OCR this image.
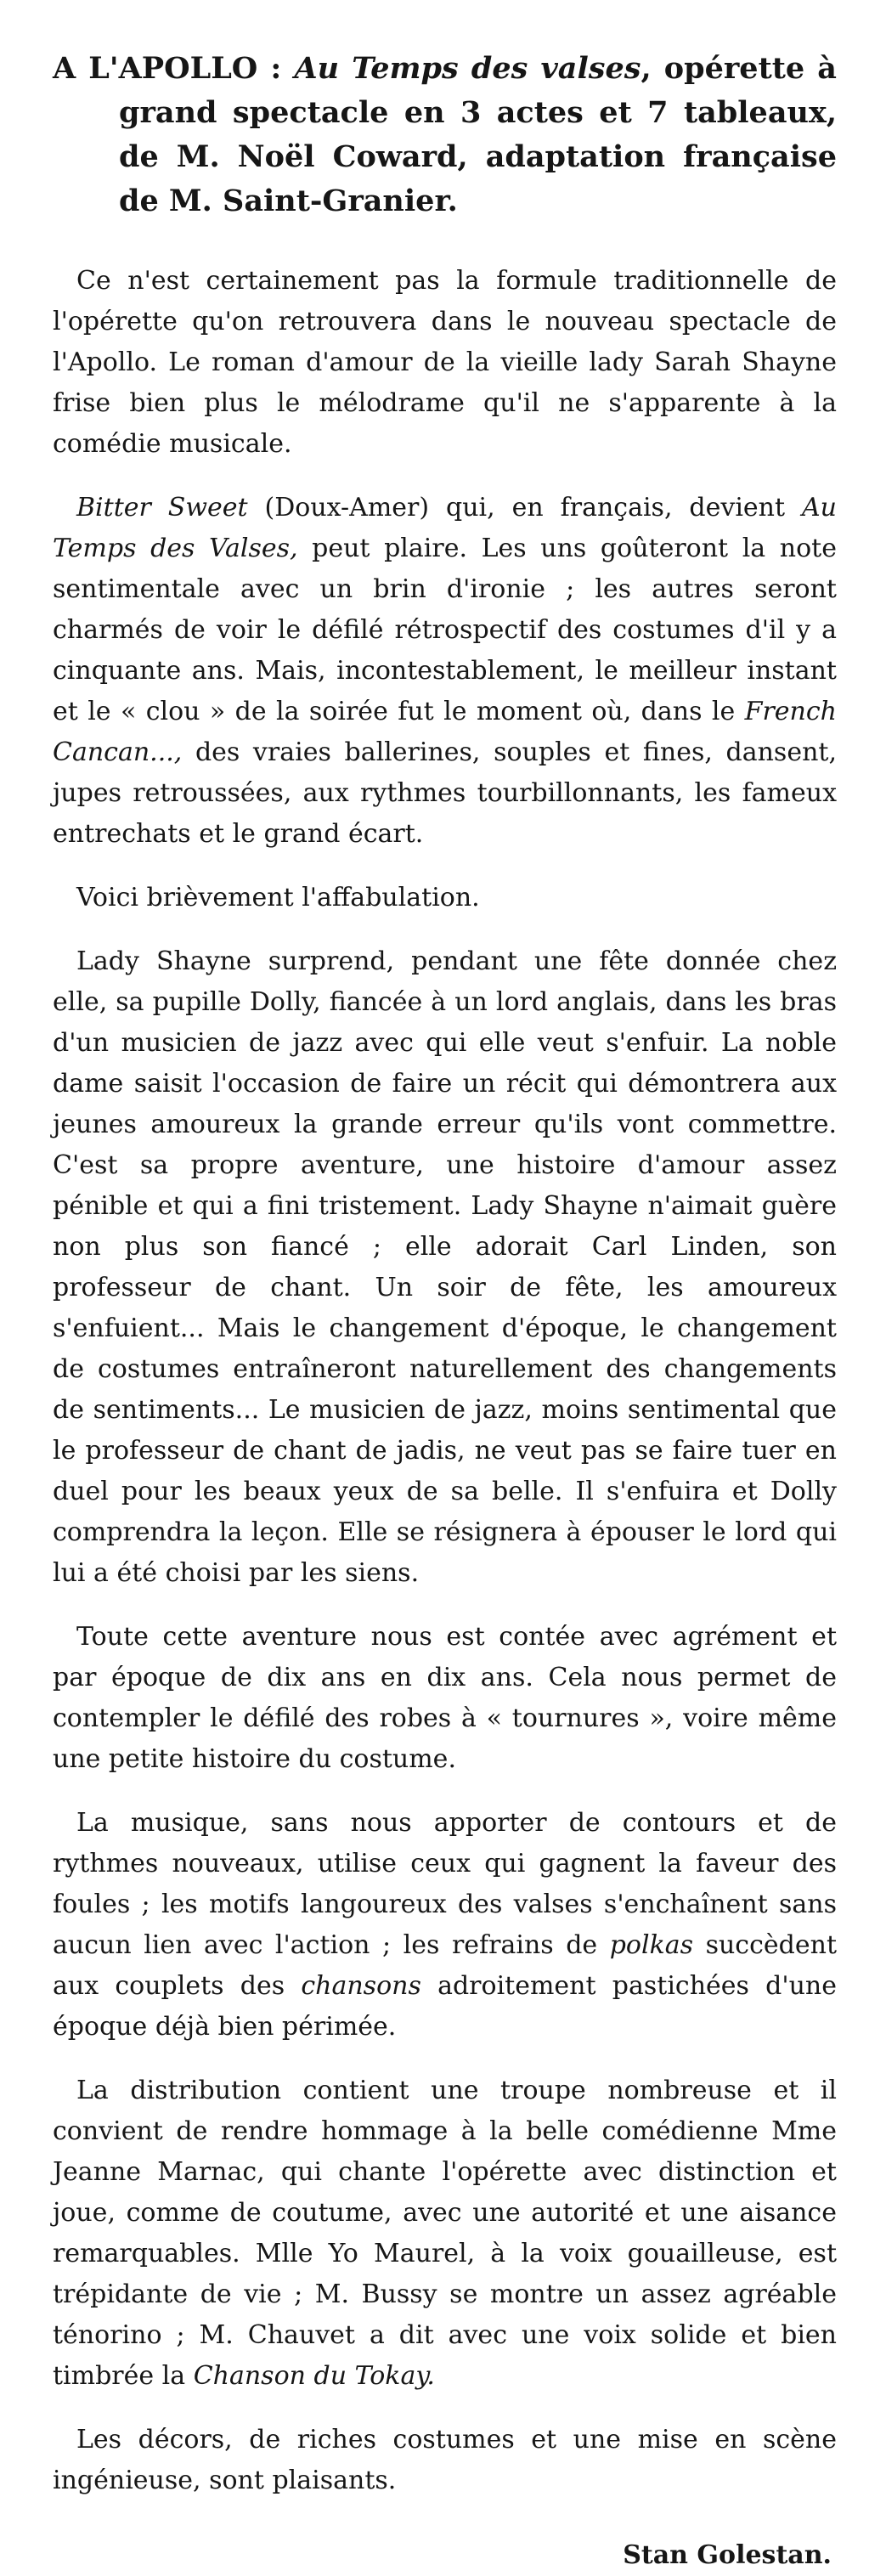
A L'APOLLO : Au Temps des valses, opérette à grand spectacle en 3 actes et 7 tableaux, de M. Noël Coward, adaptation française de M. Saint-Granier.

Ce n'est certainement pas la formule traditionnelle de l'opérette qu'on retrouvera dans le nouveau spectacle de l'Apollo. Le roman d'amour de la vieille lady Sarah Shayne frise bien plus le mélodrame qu'il ne s'apparente à la comédie musicale.

Bitter Sweet (Doux-Amer) qui, en français, devient Au Temps des Valses, peut plaire. Les uns goûteront la note sentimentale avec un brin d'ironie ; les autres seront charmés de voir le défilé rétrospectif des costumes d'il y a cinquante ans. Mais, incontestablement, le meilleur instant et le « clou » de la soirée fut le moment où, dans le French Cancan..., des vraies ballerines, souples et fines, dansent, jupes retroussées, aux rythmes tourbillonnants, les fameux entrechats et le grand écart.

Voici brièvement l'affabulation.

Lady Shayne surprend, pendant une fête donnée chez elle, sa pupille Dolly, fiancée à un lord anglais, dans les bras d'un musicien de jazz avec qui elle veut s'enfuir. La noble dame saisit l'occasion de faire un récit qui démontrera aux jeunes amoureux la grande erreur qu'ils vont commettre. C'est sa propre aventure, une histoire d'amour assez pénible et qui a fini tristement. Lady Shayne n'aimait guère non plus son fiancé ; elle adorait Carl Linden, son professeur de chant. Un soir de fête, les amoureux s'enfuient... Mais le changement d'époque, le changement de costumes entraîneront naturellement des changements de sentiments... Le musicien de jazz, moins sentimental que le professeur de chant de jadis, ne veut pas se faire tuer en duel pour les beaux yeux de sa belle. Il s'enfuira et Dolly comprendra la leçon. Elle se résignera à épouser le lord qui lui a été choisi par les siens.

Toute cette aventure nous est contée avec agrément et par époque de dix ans en dix ans. Cela nous permet de contempler le défilé des robes à « tournures », voire même une petite histoire du costume.

La musique, sans nous apporter de contours et de rythmes nouveaux, utilise ceux qui gagnent la faveur des foules ; les motifs langoureux des valses s'enchaînent sans aucun lien avec l'action ; les refrains de polkas succèdent aux couplets des chansons adroitement pastichées d'une époque déjà bien périmée.

La distribution contient une troupe nombreuse et il convient de rendre hommage à la belle comédienne Mme Jeanne Marnac, qui chante l'opérette avec distinction et joue, comme de coutume, avec une autorité et une aisance remarquables. Mlle Yo Maurel, à la voix gouailleuse, est trépidante de vie ; M. Bussy se montre un assez agréable ténorino ; M. Chauvet a dit avec une voix solide et bien timbrée la Chanson du Tokay.

Les décors, de riches costumes et une mise en scène ingénieuse, sont plaisants.

Stan Golestan.
